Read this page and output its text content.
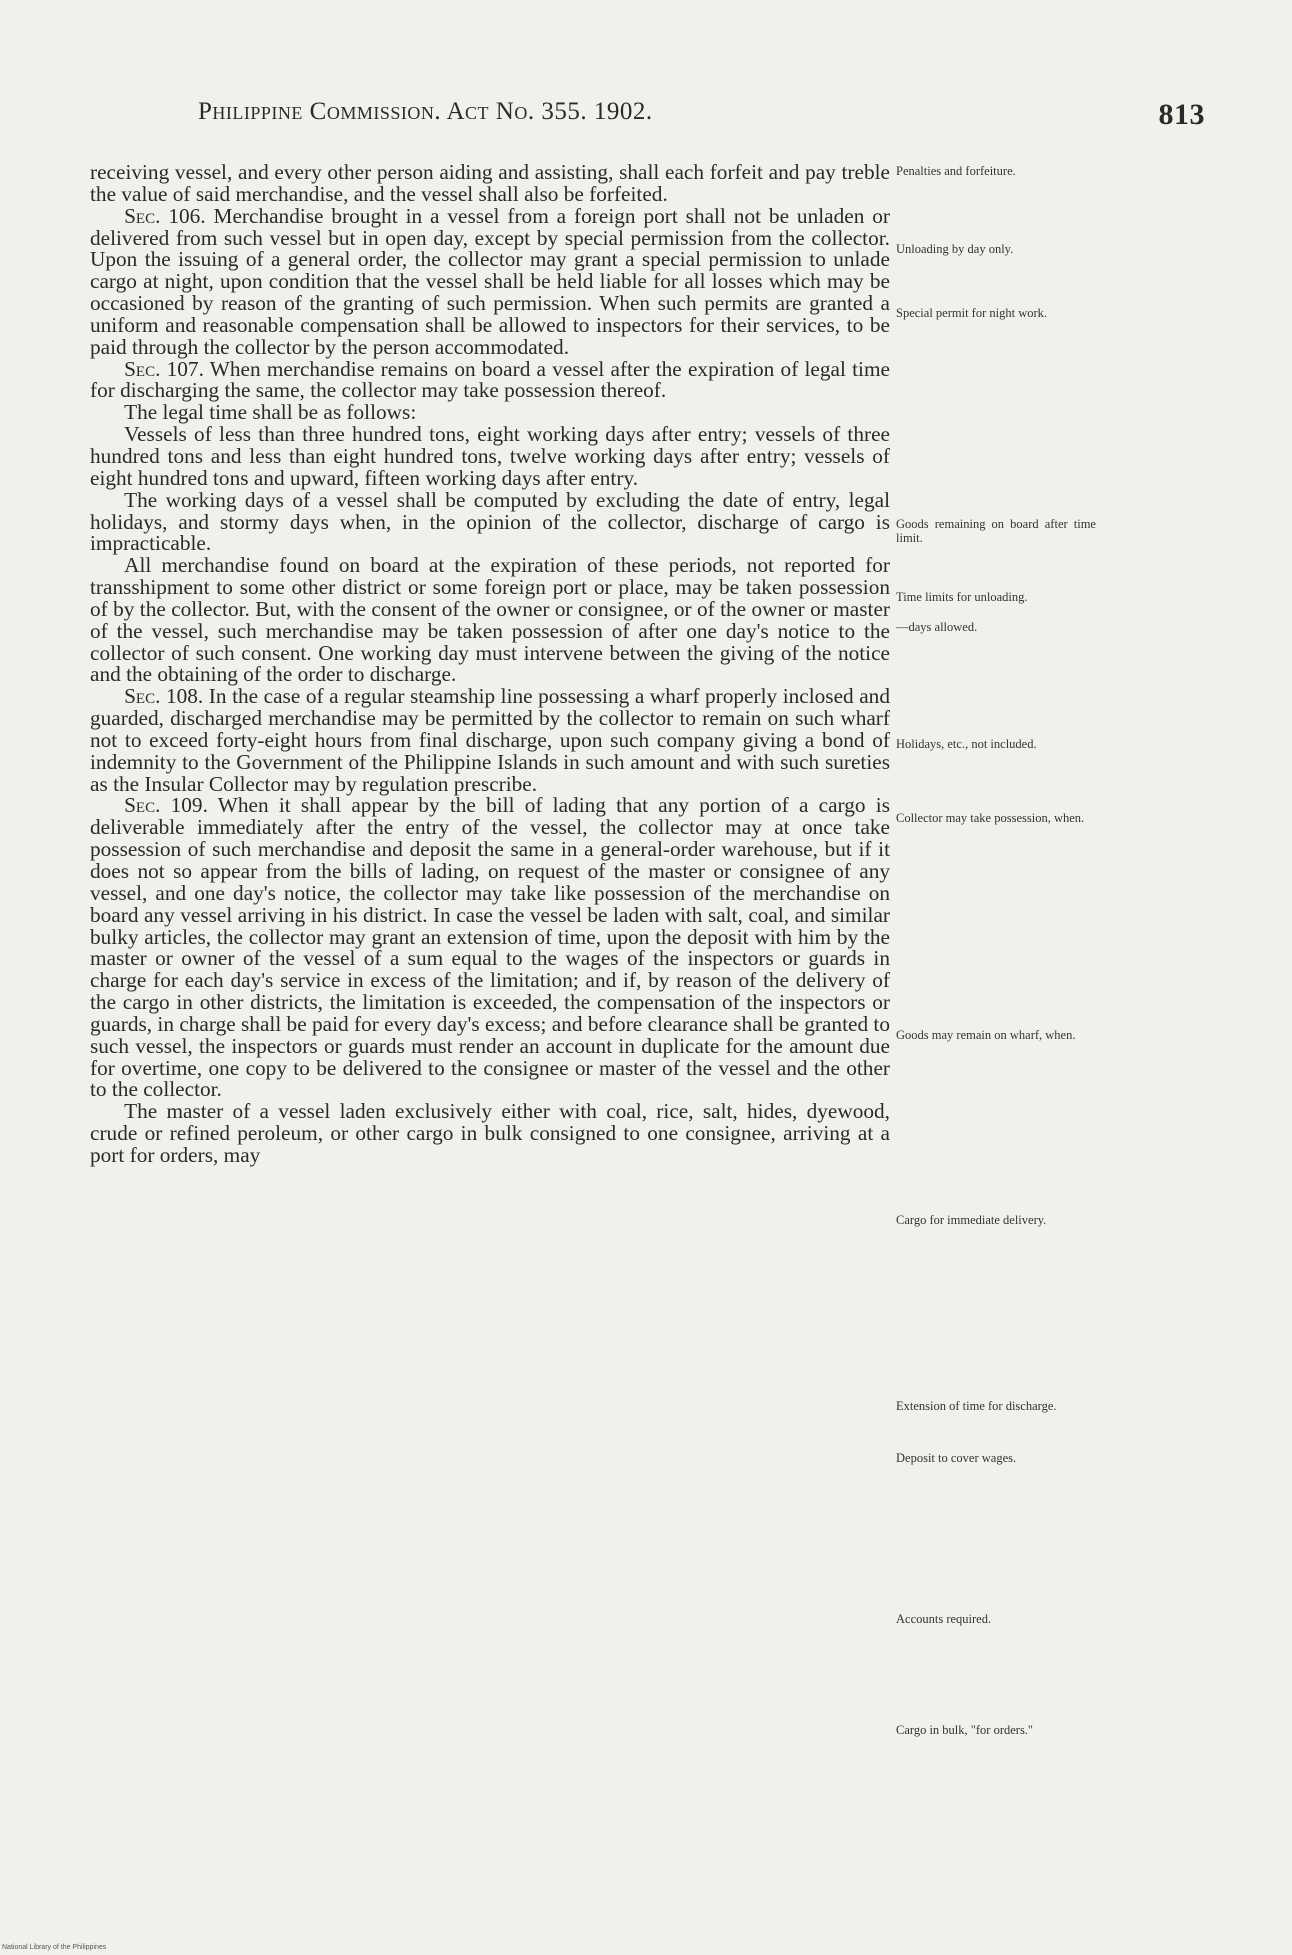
Philippine Commission. Act No. 355. 1902.	813

receiving vessel, and every other person aiding and assisting, shall each forfeit and pay treble the value of said merchandise, and the vessel shall also be forfeited.

Sec. 106. Merchandise brought in a vessel from a foreign port shall not be unladen or delivered from such vessel but in open day, except by special permission from the collector. Upon the issuing of a general order, the collector may grant a special permission to unlade cargo at night, upon condition that the vessel shall be held liable for all losses which may be occasioned by reason of the granting of such permission. When such permits are granted a uniform and reasonable compensation shall be allowed to inspectors for their services, to be paid through the collector by the person accommodated.

Sec. 107. When merchandise remains on board a vessel after the expiration of legal time for discharging the same, the collector may take possession thereof.

The legal time shall be as follows:

Vessels of less than three hundred tons, eight working days after entry; vessels of three hundred tons and less than eight hundred tons, twelve working days after entry; vessels of eight hundred tons and upward, fifteen working days after entry.

The working days of a vessel shall be computed by excluding the date of entry, legal holidays, and stormy days when, in the opinion of the collector, discharge of cargo is impracticable.

All merchandise found on board at the expiration of these periods, not reported for transshipment to some other district or some foreign port or place, may be taken possession of by the collector. But, with the consent of the owner or consignee, or of the owner or master of the vessel, such merchandise may be taken possession of after one day's notice to the collector of such consent. One working day must intervene between the giving of the notice and the obtaining of the order to discharge.

Sec. 108. In the case of a regular steamship line possessing a wharf properly inclosed and guarded, discharged merchandise may be permitted by the collector to remain on such wharf not to exceed forty-eight hours from final discharge, upon such company giving a bond of indemnity to the Government of the Philippine Islands in such amount and with such sureties as the Insular Collector may by regulation prescribe.

Sec. 109. When it shall appear by the bill of lading that any portion of a cargo is deliverable immediately after the entry of the vessel, the collector may at once take possession of such merchandise and deposit the same in a general-order warehouse, but if it does not so appear from the bills of lading, on request of the master or consignee of any vessel, and one day's notice, the collector may take like possession of the merchandise on board any vessel arriving in his district. In case the vessel be laden with salt, coal, and similar bulky articles, the collector may grant an extension of time, upon the deposit with him by the master or owner of the vessel of a sum equal to the wages of the inspectors or guards in charge for each day's service in excess of the limitation; and if, by reason of the delivery of the cargo in other districts, the limitation is exceeded, the compensation of the inspectors or guards, in charge shall be paid for every day's excess; and before clearance shall be granted to such vessel, the inspectors or guards must render an account in duplicate for the amount due for overtime, one copy to be delivered to the consignee or master of the vessel and the other to the collector.

The master of a vessel laden exclusively either with coal, rice, salt, hides, dyewood, crude or refined peroleum, or other cargo in bulk consigned to one consignee, arriving at a port for orders, may

Penalties and forfeiture.
Unloading by day only.
Special permit for night work.
Goods remaining on board after time limit.
Time limits for unloading.
—days allowed.
Holidays, etc., not included.
Collector may take possession, when.
Goods may remain on wharf, when.
Cargo for immediate delivery.
Extension of time for discharge.
Deposit to cover wages.
Accounts required.
Cargo in bulk, "for orders."
National Library of the Philippines
